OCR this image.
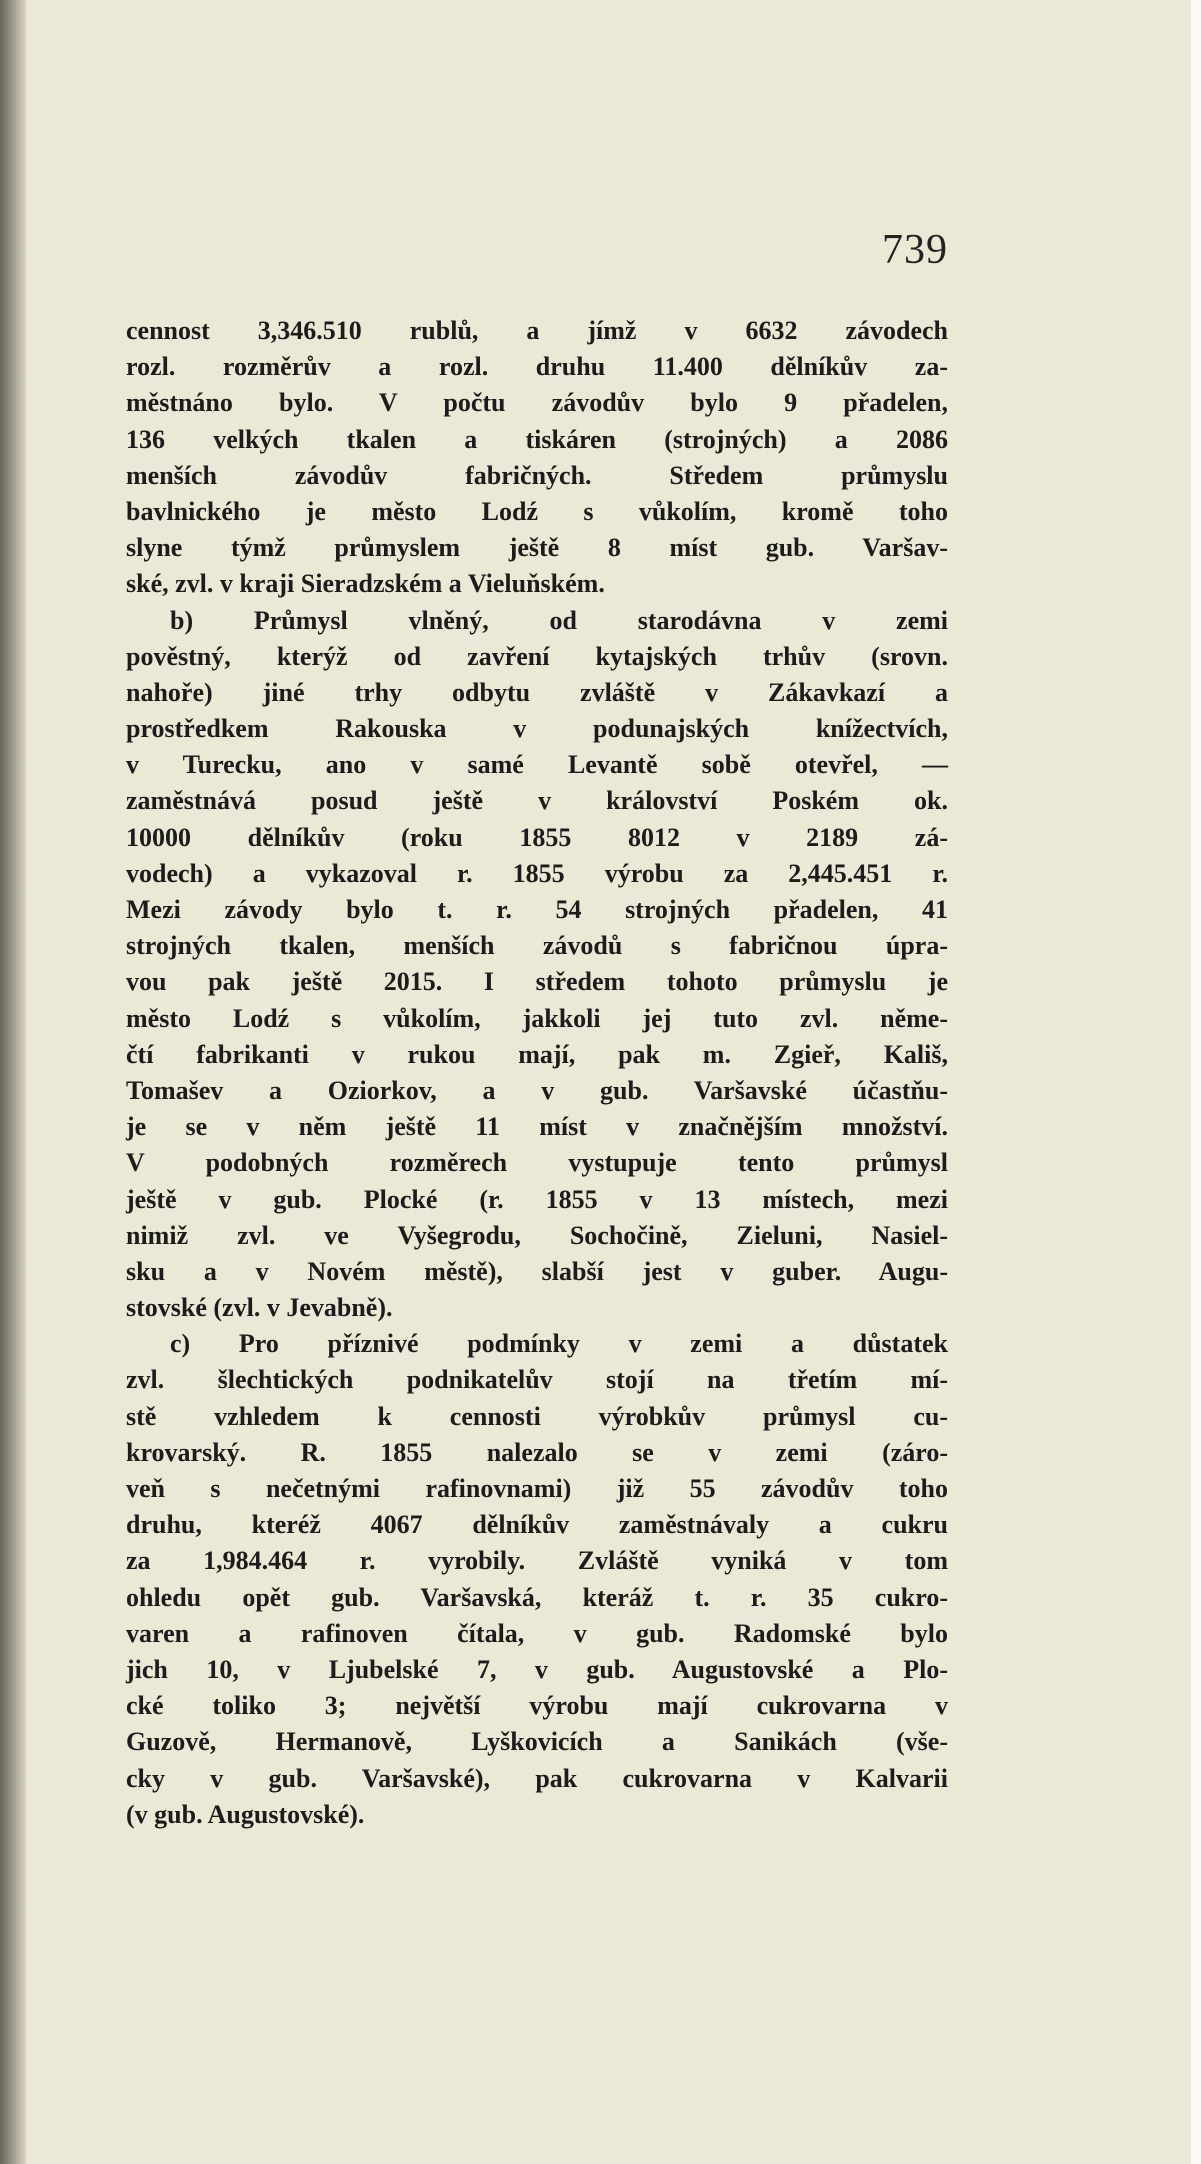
739
cennost 3,346.510 rublů, a jímž v 6632 závodech
rozl. rozměrův a rozl. druhu 11.400 dělníkův za-
městnáno bylo. V počtu závodův bylo 9 přadelen,
136 velkých tkalen a tiskáren (strojných) a 2086
menších závodův fabričných. Středem průmyslu
bavlnického je město Lodź s vůkolím, kromě toho
slyne týmž průmyslem ještě 8 míst gub. Varšav-
ské, zvl. v kraji Sieradzském a Vieluňském.
b) Průmysl vlněný, od starodávna v zemi
pověstný, kterýž od zavření kytajských trhův (srovn.
nahoře) jiné trhy odbytu zvláště v Zákavkazí a
prostředkem Rakouska v podunajských knížectvích,
v Turecku, ano v samé Levantě sobě otevřel, —
zaměstnává posud ještě v království Poském ok.
10000 dělníkův (roku 1855 8012 v 2189 zá-
vodech) a vykazoval r. 1855 výrobu za 2,445.451 r.
Mezi závody bylo t. r. 54 strojných přadelen, 41
strojných tkalen, menších závodů s fabričnou úpra-
vou pak ještě 2015. I středem tohoto průmyslu je
město Lodź s vůkolím, jakkoli jej tuto zvl. něme-
čtí fabrikanti v rukou mají, pak m. Zgieř, Kališ,
Tomašev a Oziorkov, a v gub. Varšavské účastňu-
je se v něm ještě 11 míst v značnějším množství.
V podobných rozměrech vystupuje tento průmysl
ještě v gub. Plocké (r. 1855 v 13 místech, mezi
nimiž zvl. ve Vyšegrodu, Sochočině, Zieluni, Nasiel-
sku a v Novém městě), slabší jest v guber. Augu-
stovské (zvl. v Jevabně).
c) Pro příznivé podmínky v zemi a důstatek
zvl. šlechtických podnikatelův stojí na třetím mí-
stě vzhledem k cennosti výrobkův průmysl cu-
krovarský. R. 1855 nalezalo se v zemi (záro-
veň s nečetnými rafinovnami) již 55 závodův toho
druhu, kteréž 4067 dělníkův zaměstnávaly a cukru
za 1,984.464 r. vyrobily. Zvláště vyniká v tom
ohledu opět gub. Varšavská, kteráž t. r. 35 cukro-
varen a rafinoven čítala, v gub. Radomské bylo
jich 10, v Ljubelské 7, v gub. Augustovské a Plo-
cké toliko 3; největší výrobu mají cukrovarna v
Guzově, Hermanově, Lyškovicích a Sanikách (vše-
cky v gub. Varšavské), pak cukrovarna v Kalvarii
(v gub. Augustovské).
